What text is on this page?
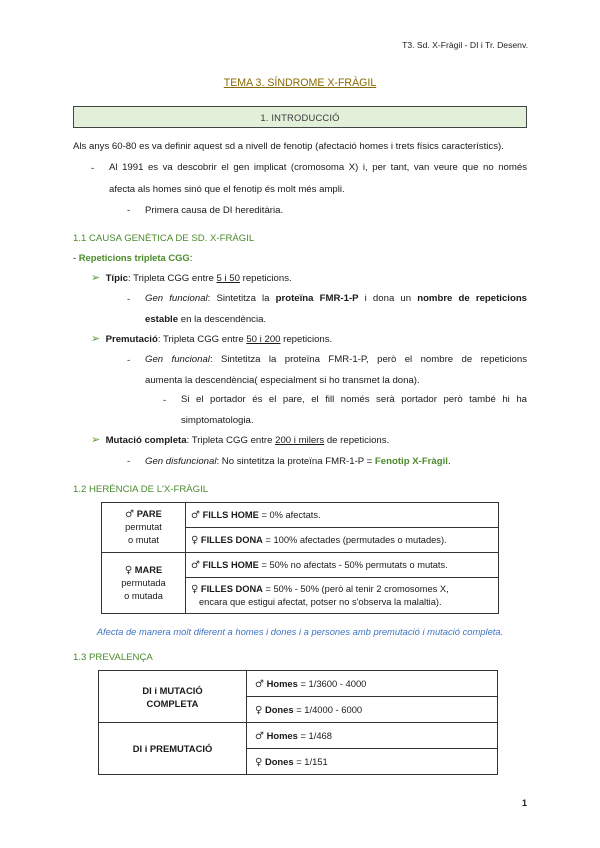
T3. Sd. X-Fràgil - DI i Tr. Desenv.
TEMA 3. SÍNDROME X-FRÀGIL
1. INTRODUCCIÓ
Als anys 60-80 es va definir aquest sd a nivell de fenotip (afectació homes i trets físics característics).
- Al 1991 es va descobrir el gen implicat (cromosoma X) i, per tant, van veure que no només
afecta als homes sinó que el fenotip és molt més ampli.
- Primera causa de DI hereditària.
1.1 CAUSA GENÈTICA DE SD. X-FRÀGIL
- Repeticions tripleta CGG:
➢ Típic: Tripleta CGG entre 5 i 50 repeticions.
- Gen funcional: Sintetitza la proteïna FMR-1-P i dona un nombre de repeticions
estable en la descendència.
➢ Premutació: Tripleta CGG entre 50 i 200 repeticions.
- Gen funcional: Sintetitza la proteïna FMR-1-P, però el nombre de repeticions
aumenta la descendència( especialment si ho transmet la dona).
- Si el portador és el pare, el fill només serà portador però també hi ha
simptomatologia.
➢ Mutació completa: Tripleta CGG entre 200 i milers de repeticions.
- Gen disfuncional: No sintetitza la proteïna FMR-1-P = Fenotip X-Fràgil.
1.2 HERÈNCIA DE L'X-FRÀGIL
♂ PARE
permutat
o mutat	♂ FILLS HOME = 0% afectats.
	♀ FILLES DONA = 100% afectades (permutades o mutades).

♀ MARE
permutada
o mutada	♂ FILLS HOME = 50% no afectats - 50% permutats o mutats.

	♀ FILLES DONA = 50% - 50% (però al tenir 2 cromosomes X,
encara que estigui afectat, potser no s'observa la malaltia).
Afecta de manera molt diferent a homes i dones i a persones amb premutació i mutació completa.
1.3 PREVALENÇA
DI i MUTACIÓ
COMPLETA	♂ Homes = 1/3600 - 4000
	♀ Dones = 1/4000 - 6000

DI i PREMUTACIÓ	♂ Homes = 1/468
	♀ Dones = 1/151
1
